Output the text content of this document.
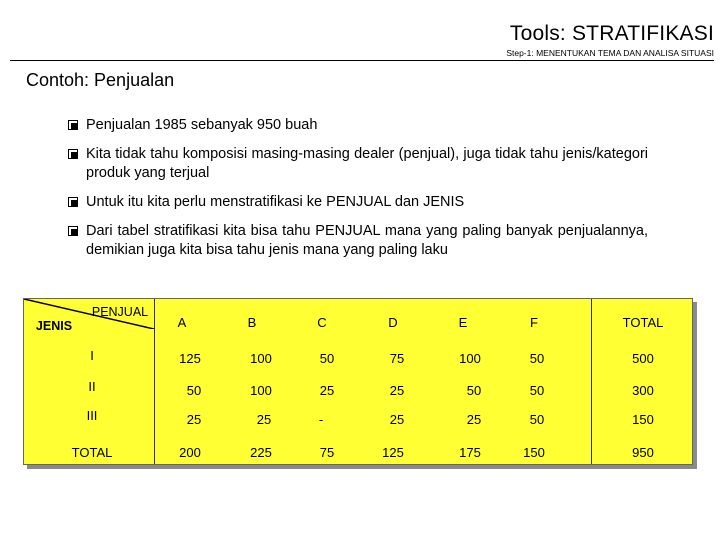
Tools: STRATIFIKASI
Step-1: MENENTUKAN TEMA DAN ANALISA SITUASI
Contoh: Penjualan
Penjualan 1985 sebanyak 950 buah
Kita tidak tahu komposisi masing-masing dealer (penjual), juga tidak tahu jenis/kategori produk yang terjual
Untuk itu kita perlu menstratifikasi ke PENJUAL dan JENIS
Dari tabel stratifikasi kita bisa tahu PENJUAL mana yang paling banyak penjualannya, demikian juga kita bisa tahu jenis mana yang paling laku
PENJUAL
JENIS	A	B	C	D	E	F	TOTAL
I	125	100	50	75	100	50	500
II	50	100	25	25	50	50	300
III	25	25	-	25	25	50	150
TOTAL	200	225	75	125	175	150	950
